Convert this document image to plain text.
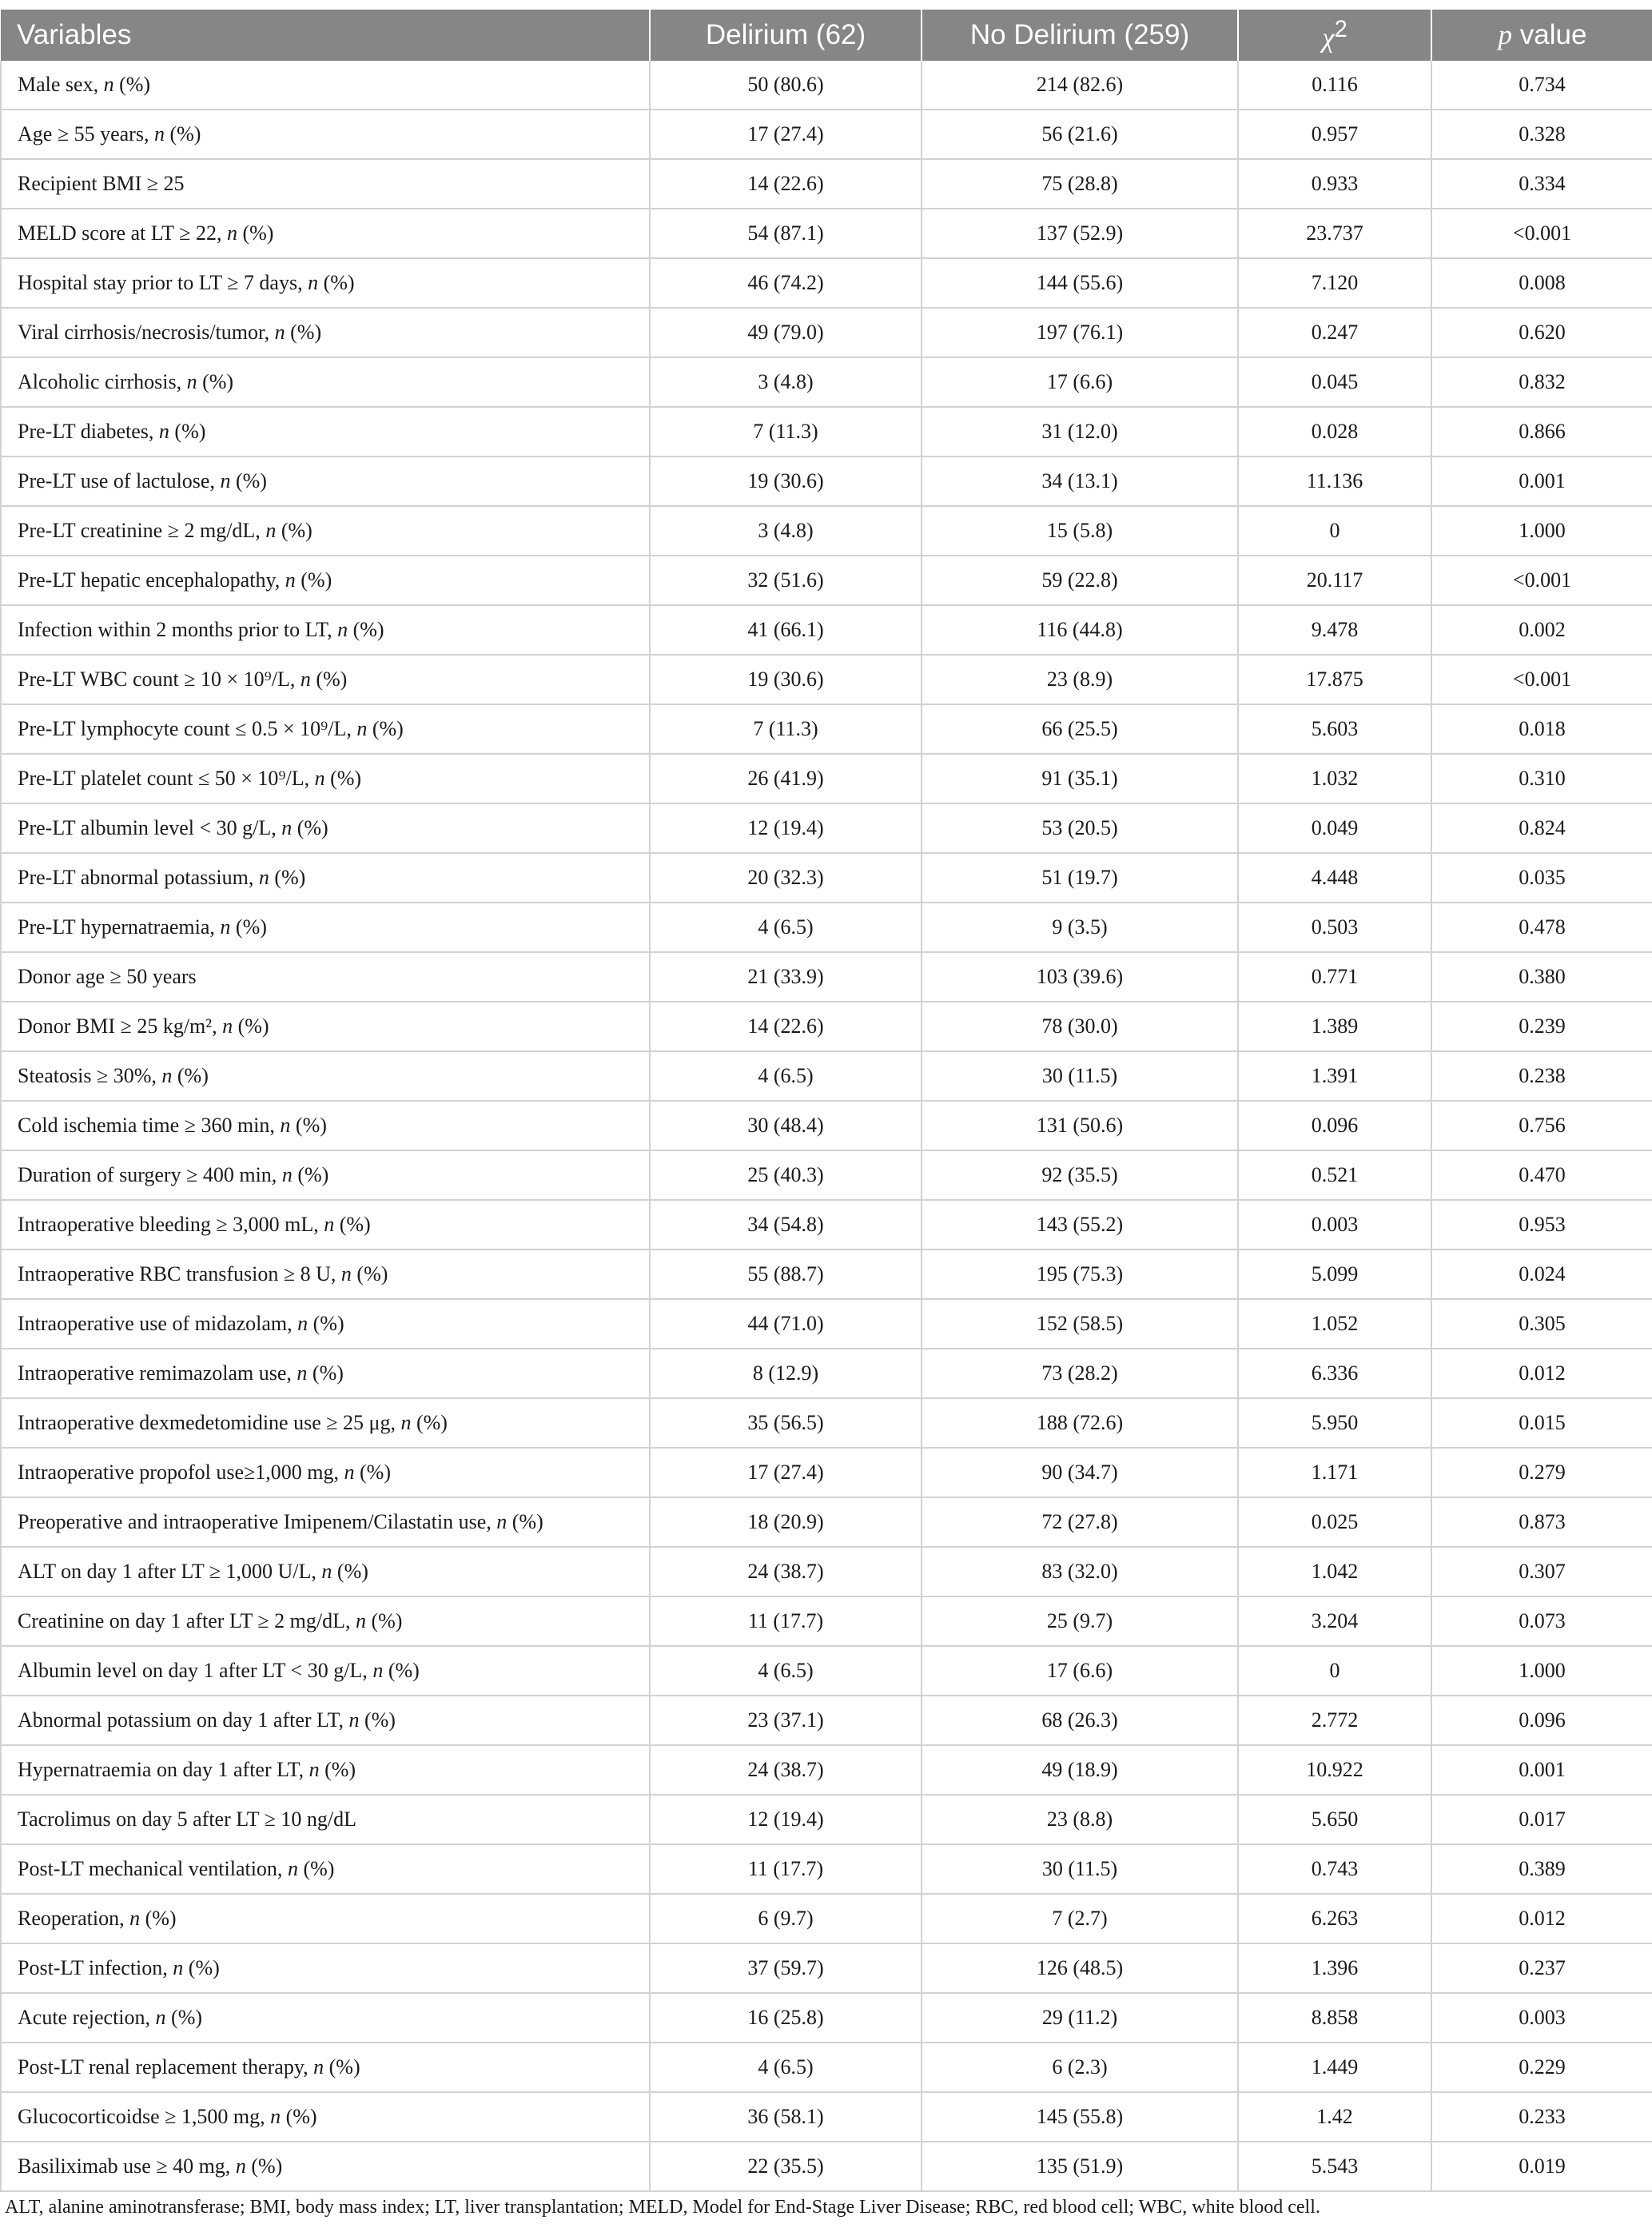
Variables	Delirium (62)	No Delirium (259)	$\chi^2$	p value
Male sex, n (%)	50 (80.6)	214 (82.6)	0.116	0.734
Age ≥ 55 years, n (%)	17 (27.4)	56 (21.6)	0.957	0.328
Recipient BMI ≥ 25	14 (22.6)	75 (28.8)	0.933	0.334
MELD score at LT ≥ 22, n (%)	54 (87.1)	137 (52.9)	23.737	<0.001
Hospital stay prior to LT ≥ 7 days, n (%)	46 (74.2)	144 (55.6)	7.120	0.008
Viral cirrhosis/necrosis/tumor, n (%)	49 (79.0)	197 (76.1)	0.247	0.620
Alcoholic cirrhosis, n (%)	3 (4.8)	17 (6.6)	0.045	0.832
Pre-LT diabetes, n (%)	7 (11.3)	31 (12.0)	0.028	0.866
Pre-LT use of lactulose, n (%)	19 (30.6)	34 (13.1)	11.136	0.001
Pre-LT creatinine ≥ 2 mg/dL, n (%)	3 (4.8)	15 (5.8)	0	1.000
Pre-LT hepatic encephalopathy, n (%)	32 (51.6)	59 (22.8)	20.117	<0.001
Infection within 2 months prior to LT, n (%)	41 (66.1)	116 (44.8)	9.478	0.002
Pre-LT WBC count ≥ 10 × 10⁹/L, n (%)	19 (30.6)	23 (8.9)	17.875	<0.001
Pre-LT lymphocyte count ≤ 0.5 × 10⁹/L, n (%)	7 (11.3)	66 (25.5)	5.603	0.018
Pre-LT platelet count ≤ 50 × 10⁹/L, n (%)	26 (41.9)	91 (35.1)	1.032	0.310
Pre-LT albumin level < 30 g/L, n (%)	12 (19.4)	53 (20.5)	0.049	0.824
Pre-LT abnormal potassium, n (%)	20 (32.3)	51 (19.7)	4.448	0.035
Pre-LT hypernatraemia, n (%)	4 (6.5)	9 (3.5)	0.503	0.478
Donor age ≥ 50 years	21 (33.9)	103 (39.6)	0.771	0.380
Donor BMI ≥ 25 kg/m², n (%)	14 (22.6)	78 (30.0)	1.389	0.239
Steatosis ≥ 30%, n (%)	4 (6.5)	30 (11.5)	1.391	0.238
Cold ischemia time ≥ 360 min, n (%)	30 (48.4)	131 (50.6)	0.096	0.756
Duration of surgery ≥ 400 min, n (%)	25 (40.3)	92 (35.5)	0.521	0.470
Intraoperative bleeding ≥ 3,000 mL, n (%)	34 (54.8)	143 (55.2)	0.003	0.953
Intraoperative RBC transfusion ≥ 8 U, n (%)	55 (88.7)	195 (75.3)	5.099	0.024
Intraoperative use of midazolam, n (%)	44 (71.0)	152 (58.5)	1.052	0.305
Intraoperative remimazolam use, n (%)	8 (12.9)	73 (28.2)	6.336	0.012
Intraoperative dexmedetomidine use ≥ 25 μg, n (%)	35 (56.5)	188 (72.6)	5.950	0.015
Intraoperative propofol use≥1,000 mg, n (%)	17 (27.4)	90 (34.7)	1.171	0.279
Preoperative and intraoperative Imipenem/Cilastatin use, n (%)	18 (20.9)	72 (27.8)	0.025	0.873
ALT on day 1 after LT ≥ 1,000 U/L, n (%)	24 (38.7)	83 (32.0)	1.042	0.307
Creatinine on day 1 after LT ≥ 2 mg/dL, n (%)	11 (17.7)	25 (9.7)	3.204	0.073
Albumin level on day 1 after LT < 30 g/L, n (%)	4 (6.5)	17 (6.6)	0	1.000
Abnormal potassium on day 1 after LT, n (%)	23 (37.1)	68 (26.3)	2.772	0.096
Hypernatraemia on day 1 after LT, n (%)	24 (38.7)	49 (18.9)	10.922	0.001
Tacrolimus on day 5 after LT ≥ 10 ng/dL	12 (19.4)	23 (8.8)	5.650	0.017
Post-LT mechanical ventilation, n (%)	11 (17.7)	30 (11.5)	0.743	0.389
Reoperation, n (%)	6 (9.7)	7 (2.7)	6.263	0.012
Post-LT infection, n (%)	37 (59.7)	126 (48.5)	1.396	0.237
Acute rejection, n (%)	16 (25.8)	29 (11.2)	8.858	0.003
Post-LT renal replacement therapy, n (%)	4 (6.5)	6 (2.3)	1.449	0.229
Glucocorticoidse ≥ 1,500 mg, n (%)	36 (58.1)	145 (55.8)	1.42	0.233
Basiliximab use ≥ 40 mg, n (%)	22 (35.5)	135 (51.9)	5.543	0.019
ALT, alanine aminotransferase; BMI, body mass index; LT, liver transplantation; MELD, Model for End-Stage Liver Disease; RBC, red blood cell; WBC, white blood cell.
